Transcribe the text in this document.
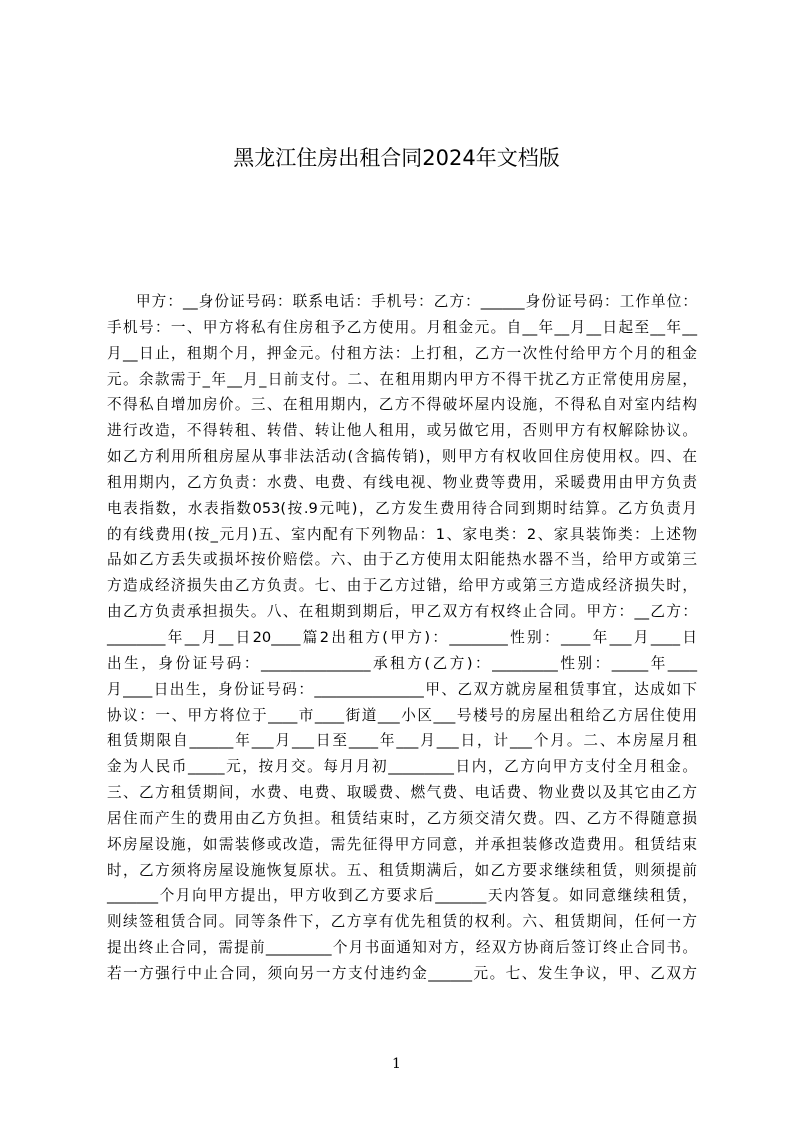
黑龙江住房出租合同2024年文档版
甲方：__身份证号码：联系电话：手机号：乙方：______身份证号码：工作单位：
手机号：一、甲方将私有住房租予乙方使用。月租金元。自__年__月__日起至__年__
月__日止，租期个月，押金元。付租方法：上打租，乙方一次性付给甲方个月的租金
元。余款需于_年__月_日前支付。二、在租用期内甲方不得干扰乙方正常使用房屋，
不得私自增加房价。三、在租用期内，乙方不得破坏屋内设施，不得私自对室内结构
进行改造，不得转租、转借、转让他人租用，或另做它用，否则甲方有权解除协议。
如乙方利用所租房屋从事非法活动(含搞传销)，则甲方有权收回住房使用权。四、在
租用期内，乙方负责：水费、电费、有线电视、物业费等费用，采暖费用由甲方负责
电表指数，水表指数053(按.9元吨)，乙方发生费用待合同到期时结算。乙方负责月
的有线费用(按_元月)五、室内配有下列物品：1、家电类：2、家具装饰类：上述物
品如乙方丢失或损坏按价赔偿。六、由于乙方使用太阳能热水器不当，给甲方或第三
方造成经济损失由乙方负责。七、由于乙方过错，给甲方或第三方造成经济损失时，
由乙方负责承担损失。八、在租期到期后，甲乙双方有权终止合同。甲方：__乙方：
________年__月__日20____篇2出租方(甲方)：________性别：____年___月____日
出生，身份证号码：_______________承租方(乙方)：_________性别：_____年____
月____日出生，身份证号码：_______________甲、乙双方就房屋租赁事宜，达成如下
协议：一、甲方将位于____市____街道___小区___号楼号的房屋出租给乙方居住使用
租赁期限自______年___月___日至____年___月___日，计___个月。二、本房屋月租
金为人民币_____元，按月交。每月月初_________日内，乙方向甲方支付全月租金。
三、乙方租赁期间，水费、电费、取暖费、燃气费、电话费、物业费以及其它由乙方
居住而产生的费用由乙方负担。租赁结束时，乙方须交清欠费。四、乙方不得随意损
坏房屋设施，如需装修或改造，需先征得甲方同意，并承担装修改造费用。租赁结束
时，乙方须将房屋设施恢复原状。五、租赁期满后，如乙方要求继续租赁，则须提前
_______个月向甲方提出，甲方收到乙方要求后_______天内答复。如同意继续租赁，
则续签租赁合同。同等条件下，乙方享有优先租赁的权利。六、租赁期间，任何一方
提出终止合同，需提前_________个月书面通知对方，经双方协商后签订终止合同书。
若一方强行中止合同，须向另一方支付违约金______元。七、发生争议，甲、乙双方
1
